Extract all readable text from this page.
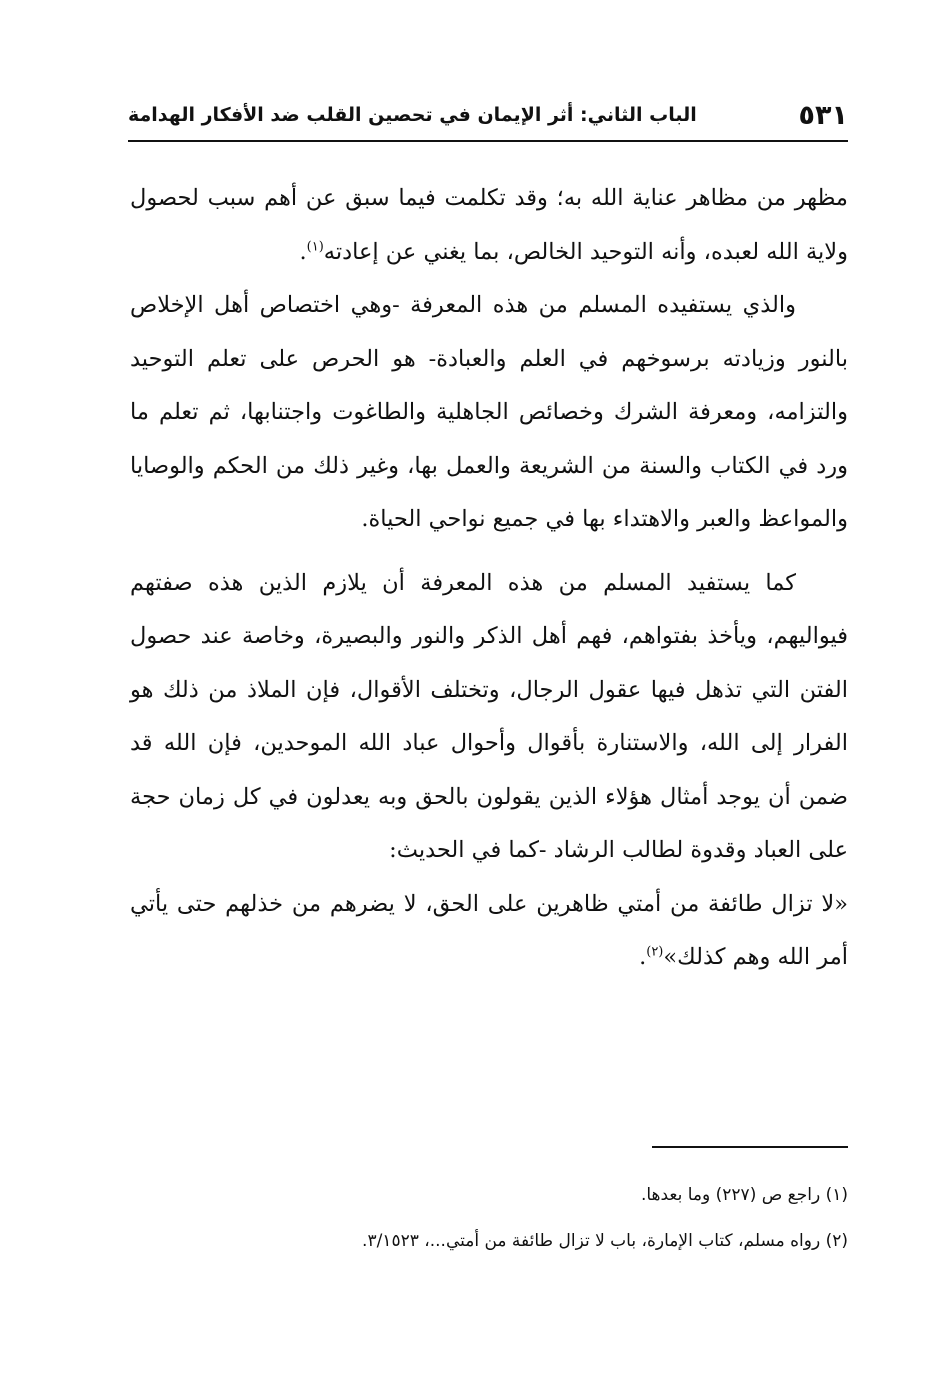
٥٣١
الباب الثاني: أثر الإيمان في تحصين القلب ضد الأفكار الهدامة

مظهر من مظاهر عناية الله به؛ وقد تكلمت فيما سبق عن أهم سبب لحصول ولاية الله لعبده، وأنه التوحيد الخالص، بما يغني عن إعادته$^{(١)}$.

والذي يستفيده المسلم من هذه المعرفة -وهي اختصاص أهل الإخلاص بالنور وزيادته برسوخهم في العلم والعبادة- هو الحرص على تعلم التوحيد والتزامه، ومعرفة الشرك وخصائص الجاهلية والطاغوت واجتنابها، ثم تعلم ما ورد في الكتاب والسنة من الشريعة والعمل بها، وغير ذلك من الحكم والوصايا والمواعظ والعبر والاهتداء بها في جميع نواحي الحياة.

كما يستفيد المسلم من هذه المعرفة أن يلازم الذين هذه صفتهم فيواليهم، ويأخذ بفتواهم، فهم أهل الذكر والنور والبصيرة، وخاصة عند حصول الفتن التي تذهل فيها عقول الرجال، وتختلف الأقوال، فإن الملاذ من ذلك هو الفرار إلى الله، والاستنارة بأقوال وأحوال عباد الله الموحدين، فإن الله قد ضمن أن يوجد أمثال هؤلاء الذين يقولون بالحق وبه يعدلون في كل زمان حجة على العباد وقدوة لطالب الرشاد -كما في الحديث:

«لا تزال طائفة من أمتي ظاهرين على الحق، لا يضرهم من خذلهم حتى يأتي أمر الله وهم كذلك»$^{(٢)}$.

(١) راجع ص (٢٢٧) وما بعدها.

(٢) رواه مسلم، كتاب الإمارة، باب لا تزال طائفة من أمتي...، ٣/١٥٢٣.
